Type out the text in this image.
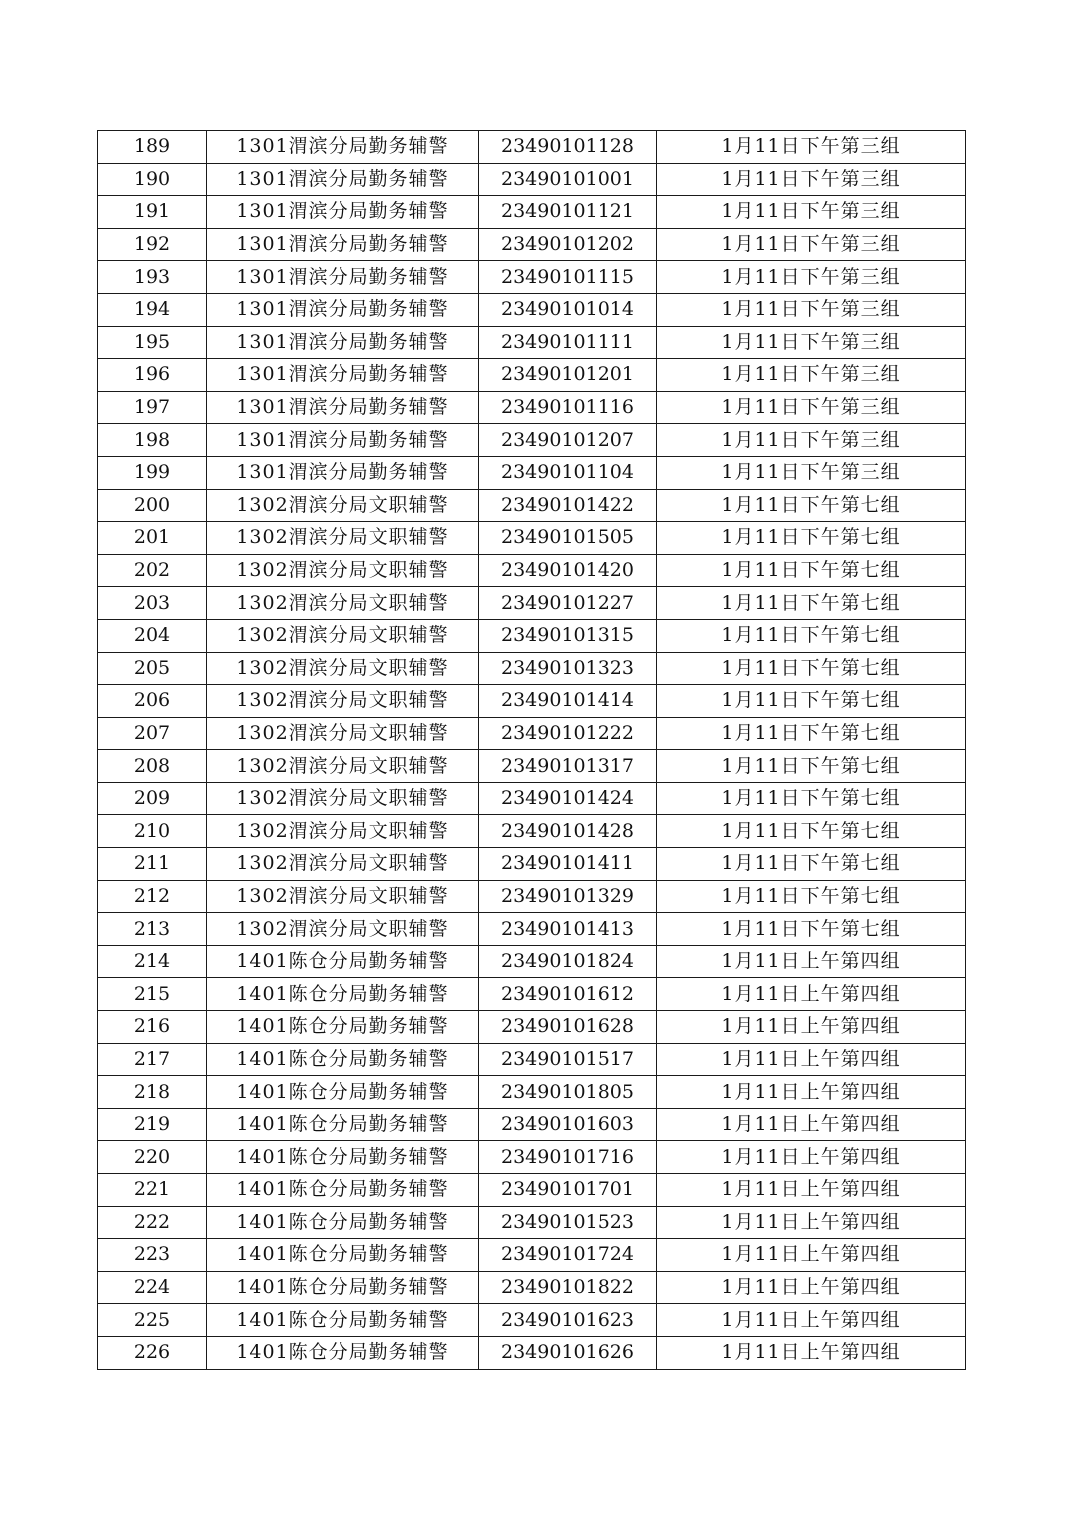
189	1301渭滨分局勤务辅警	23490101128	1月11日下午第三组
190	1301渭滨分局勤务辅警	23490101001	1月11日下午第三组
191	1301渭滨分局勤务辅警	23490101121	1月11日下午第三组
192	1301渭滨分局勤务辅警	23490101202	1月11日下午第三组
193	1301渭滨分局勤务辅警	23490101115	1月11日下午第三组
194	1301渭滨分局勤务辅警	23490101014	1月11日下午第三组
195	1301渭滨分局勤务辅警	23490101111	1月11日下午第三组
196	1301渭滨分局勤务辅警	23490101201	1月11日下午第三组
197	1301渭滨分局勤务辅警	23490101116	1月11日下午第三组
198	1301渭滨分局勤务辅警	23490101207	1月11日下午第三组
199	1301渭滨分局勤务辅警	23490101104	1月11日下午第三组
200	1302渭滨分局文职辅警	23490101422	1月11日下午第七组
201	1302渭滨分局文职辅警	23490101505	1月11日下午第七组
202	1302渭滨分局文职辅警	23490101420	1月11日下午第七组
203	1302渭滨分局文职辅警	23490101227	1月11日下午第七组
204	1302渭滨分局文职辅警	23490101315	1月11日下午第七组
205	1302渭滨分局文职辅警	23490101323	1月11日下午第七组
206	1302渭滨分局文职辅警	23490101414	1月11日下午第七组
207	1302渭滨分局文职辅警	23490101222	1月11日下午第七组
208	1302渭滨分局文职辅警	23490101317	1月11日下午第七组
209	1302渭滨分局文职辅警	23490101424	1月11日下午第七组
210	1302渭滨分局文职辅警	23490101428	1月11日下午第七组
211	1302渭滨分局文职辅警	23490101411	1月11日下午第七组
212	1302渭滨分局文职辅警	23490101329	1月11日下午第七组
213	1302渭滨分局文职辅警	23490101413	1月11日下午第七组
214	1401陈仓分局勤务辅警	23490101824	1月11日上午第四组
215	1401陈仓分局勤务辅警	23490101612	1月11日上午第四组
216	1401陈仓分局勤务辅警	23490101628	1月11日上午第四组
217	1401陈仓分局勤务辅警	23490101517	1月11日上午第四组
218	1401陈仓分局勤务辅警	23490101805	1月11日上午第四组
219	1401陈仓分局勤务辅警	23490101603	1月11日上午第四组
220	1401陈仓分局勤务辅警	23490101716	1月11日上午第四组
221	1401陈仓分局勤务辅警	23490101701	1月11日上午第四组
222	1401陈仓分局勤务辅警	23490101523	1月11日上午第四组
223	1401陈仓分局勤务辅警	23490101724	1月11日上午第四组
224	1401陈仓分局勤务辅警	23490101822	1月11日上午第四组
225	1401陈仓分局勤务辅警	23490101623	1月11日上午第四组
226	1401陈仓分局勤务辅警	23490101626	1月11日上午第四组
